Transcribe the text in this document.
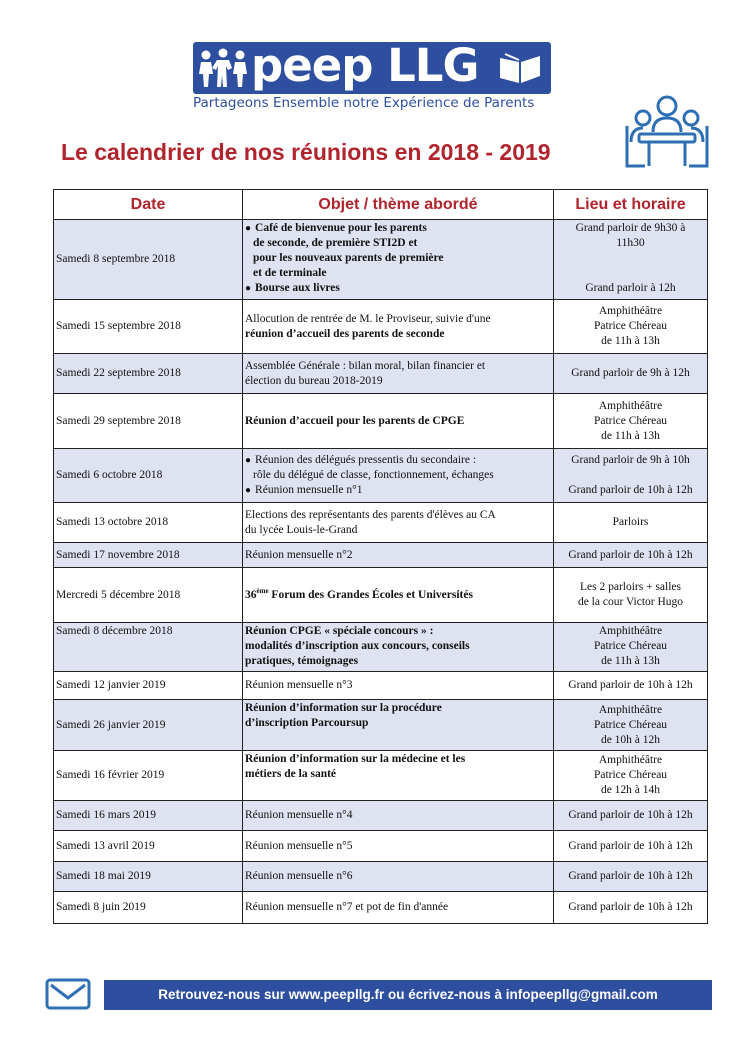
peep LLG
Partageons Ensemble notre Expérience de Parents
Le calendrier de nos réunions en 2018 - 2019
Date	Objet / thème abordé	Lieu et horaire
Samedi 8 septembre 2018	● Café de bienvenue pour les parents

de seconde, de première STI2D et
pour les nouveaux parents de première
et de terminale
● Bourse aux livres	Grand parloir de 9h30 à
11h30

Grand parloir à 12h
Samedi 15 septembre 2018	Allocution de rentrée de M. le Proviseur, suivie d'une
réunion d’accueil des parents de seconde	Amphithéâtre
Patrice Chéreau
de 11h à 13h
Samedi 22 septembre 2018	Assemblée Générale : bilan moral, bilan financier et
élection du bureau 2018-2019	Grand parloir de 9h à 12h
Samedi 29 septembre 2018	Réunion d’accueil pour les parents de CPGE	Amphithéâtre
Patrice Chéreau
de 11h à 13h
Samedi 6 octobre 2018	● Réunion des délégués pressentis du secondaire :

rôle du délégué de classe, fonctionnement, échanges
● Réunion mensuelle n°1	Grand parloir de 9h à 10h

Grand parloir de 10h à 12h
Samedi 13 octobre 2018	Elections des représentants des parents d'élèves au CA
du lycée Louis-le-Grand	Parloirs
Samedi 17 novembre 2018	Réunion mensuelle n°2	Grand parloir de 10h à 12h
Mercredi 5 décembre 2018	36ème Forum des Grandes Écoles et Universités	Les 2 parloirs + salles
de la cour Victor Hugo
Samedi 8 décembre 2018	Réunion CPGE « spéciale concours » :
modalités d’inscription aux concours, conseils
pratiques, témoignages	Amphithéâtre
Patrice Chéreau
de 11h à 13h
Samedi 12 janvier 2019	Réunion mensuelle n°3	Grand parloir de 10h à 12h
Samedi 26 janvier 2019	Réunion d’information sur la procédure
d’inscription Parcoursup	Amphithéâtre
Patrice Chéreau
de 10h à 12h
Samedi 16 février 2019	Réunion d’information sur la médecine et les
métiers de la santé	Amphithéâtre
Patrice Chéreau
de 12h à 14h
Samedi 16 mars 2019	Réunion mensuelle n°4	Grand parloir de 10h à 12h
Samedi 13 avril 2019	Réunion mensuelle n°5	Grand parloir de 10h à 12h
Samedi 18 mai 2019	Réunion mensuelle n°6	Grand parloir de 10h à 12h
Samedi 8 juin 2019	Réunion mensuelle n°7 et pot de fin d'année	Grand parloir de 10h à 12h
Retrouvez-nous sur www.peepllg.fr ou écrivez-nous à infopeepllg@gmail.com
